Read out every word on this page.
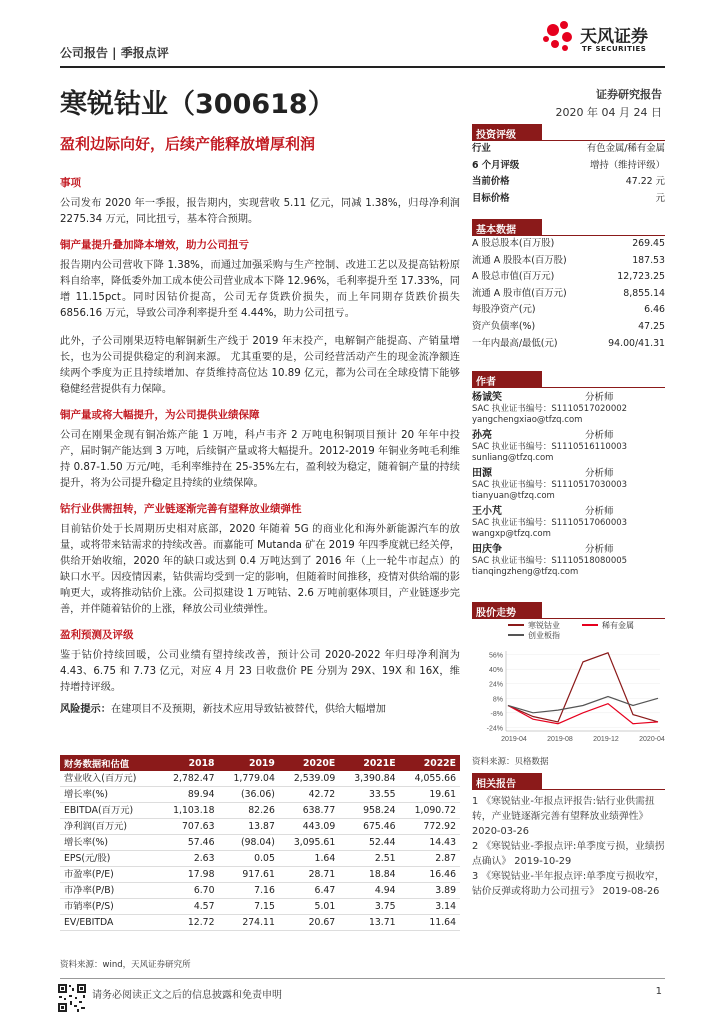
公司报告 | 季报点评
天风证券
TF SECURITIES
寒锐钴业（300618）	证券研究报告
2020 年 04 月 24 日
盈利边际向好，后续产能释放增厚利润
事项

公司发布 2020 年一季报，报告期内，实现营收 5.11 亿元，同减 1.38%，归母净利润 2275.34 万元，同比扭亏，基本符合预期。

铜产量提升叠加降本增效，助力公司扭亏

报告期内公司营收下降 1.38%，而通过加强采购与生产控制、改进工艺以及提高钴粉原料自给率，降低委外加工成本使公司营业成本下降 12.96%，毛利率提升至 17.33%，同增 11.15pct。同时因钴价提高，公司无存货跌价损失，而上年同期存货跌价损失 6856.16 万元，导致公司净利率提升至 4.44%，助力公司扭亏。

此外，子公司刚果迈特电解铜新生产线于 2019 年末投产，电解铜产能提高、产销量增长，也为公司提供稳定的利润来源。 尤其重要的是，公司经营活动产生的现金流净额连续两个季度为正且持续增加、存货维持高位达 10.89 亿元，都为公司在全球疫情下能够稳健经营提供有力保障。

铜产量或将大幅提升，为公司提供业绩保障

公司在刚果金现有铜冶炼产能 1 万吨，科卢韦齐 2 万吨电积铜项目预计 20 年年中投产，届时铜产能达到 3 万吨，后续铜产量或将大幅提升。2012-2019 年铜业务吨毛利维持 0.87-1.50 万元/吨，毛利率维持在 25-35%左右，盈利较为稳定，随着铜产量的持续提升，将为公司提升稳定且持续的业绩保障。

钴行业供需扭转，产业链逐渐完善有望释放业绩弹性

目前钴价处于长周期历史相对底部，2020 年随着 5G 的商业化和海外新能源汽车的放量，或将带来钴需求的持续改善。而嘉能可 Mutanda 矿在 2019 年四季度就已经关停，供给开始收缩，2020 年的缺口或达到 0.4 万吨达到了 2016 年（上一轮牛市起点）的缺口水平。因疫情因素，钴供需均受到一定的影响，但随着时间推移，疫情对供给端的影响更大，或将推动钴价上涨。公司拟建设 1 万吨钴、2.6 万吨前驱体项目，产业链逐步完善，并伴随着钴价的上涨，释放公司业绩弹性。

盈利预测及评级

鉴于钴价持续回暖，公司业绩有望持续改善，预计公司 2020-2022 年归母净利润为 4.43、6.75 和 7.73 亿元，对应 4 月 23 日收盘价 PE 分别为 29X、19X 和 16X，维持增持评级。

风险提示：在建项目不及预期，新技术应用导致钴被替代，供给大幅增加

投资评级
行业	有色金属/稀有金属
6 个月评级	增持（维持评级）
当前价格	47.22 元
目标价格	元
基本数据
A 股总股本(百万股)	269.45
流通 A 股股本(百万股)	187.53
A 股总市值(百万元)	12,723.25
流通 A 股市值(百万元)	8,855.14
每股净资产(元)	6.46
资产负债率(%)	47.25
一年内最高/最低(元)	94.00/41.31
作者
杨诚笑	分析师
SAC 执业证书编号：S1110517020002
yangchengxiao@tfzq.com
孙亮	分析师
SAC 执业证书编号：S1110516110003
sunliang@tfzq.com
田源	分析师
SAC 执业证书编号：S1110517030003
tianyuan@tfzq.com
王小芃	分析师
SAC 执业证书编号：S1110517060003
wangxp@tfzq.com
田庆争	分析师
SAC 执业证书编号：S1110518080005
tianqingzheng@tfzq.com
股价走势
寒锐钴业	稀有金属
创业板指
56%
40%
24%
8%
-8%
-24%
2019-04	2019-08	2019-12	2020-04
资料来源：贝格数据
相关报告
1 《寒锐钴业-年报点评报告:钴行业供需扭转，产业链逐渐完善有望释放业绩弹性》 2020-03-26
2 《寒锐钴业-季报点评:单季度亏损，业绩拐点确认》 2019-10-29
3 《寒锐钴业-半年报点评:单季度亏损收窄，钴价反弹或将助力公司扭亏》 2019-08-26
财务数据和估值	2018	2019	2020E	2021E	2022E
营业收入(百万元)	2,782.47	1,779.04	2,539.09	3,390.84	4,055.66
增长率(%)	89.94	(36.06)	42.72	33.55	19.61
EBITDA(百万元)	1,103.18	82.26	638.77	958.24	1,090.72
净利润(百万元)	707.63	13.87	443.09	675.46	772.92
增长率(%)	57.46	(98.04)	3,095.61	52.44	14.43
EPS(元/股)	2.63	0.05	1.64	2.51	2.87
市盈率(P/E)	17.98	917.61	28.71	18.84	16.46
市净率(P/B)	6.70	7.16	6.47	4.94	3.89
市销率(P/S)	4.57	7.15	5.01	3.75	3.14
EV/EBITDA	12.72	274.11	20.67	13.71	11.64
资料来源：wind，天风证券研究所
请务必阅读正文之后的信息披露和免责申明	1
